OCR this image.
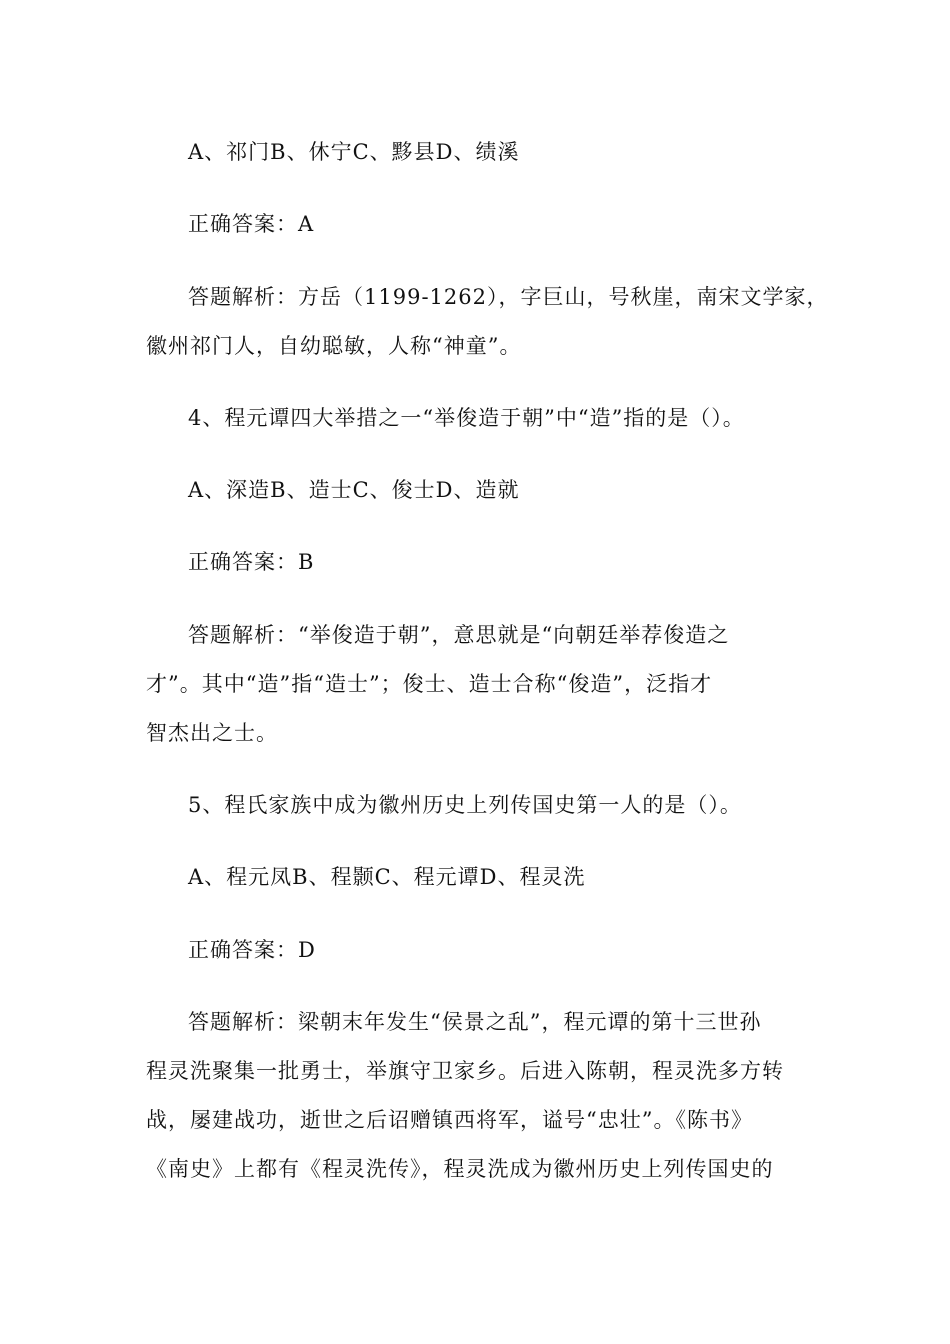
A、祁门B、休宁C、黟县D、绩溪
正确答案：A
答题解析：方岳（1199-1262），字巨山，号秋崖，南宋文学家，
徽州祁门人，自幼聪敏，人称“神童”。
4、程元谭四大举措之一“举俊造于朝”中“造”指的是（）。
A、深造B、造士C、俊士D、造就
正确答案：B
答题解析：“举俊造于朝”，意思就是“向朝廷举荐俊造之
才”。其中“造”指“造士”；俊士、造士合称“俊造”，泛指才
智杰出之士。
5、程氏家族中成为徽州历史上列传国史第一人的是（）。
A、程元凤B、程颢C、程元谭D、程灵洗
正确答案：D
答题解析：梁朝末年发生“侯景之乱”，程元谭的第十三世孙
程灵洗聚集一批勇士，举旗守卫家乡。后进入陈朝，程灵洗多方转
战，屡建战功，逝世之后诏赠镇西将军，谥号“忠壮”。《陈书》
《南史》上都有《程灵洗传》，程灵洗成为徽州历史上列传国史的
